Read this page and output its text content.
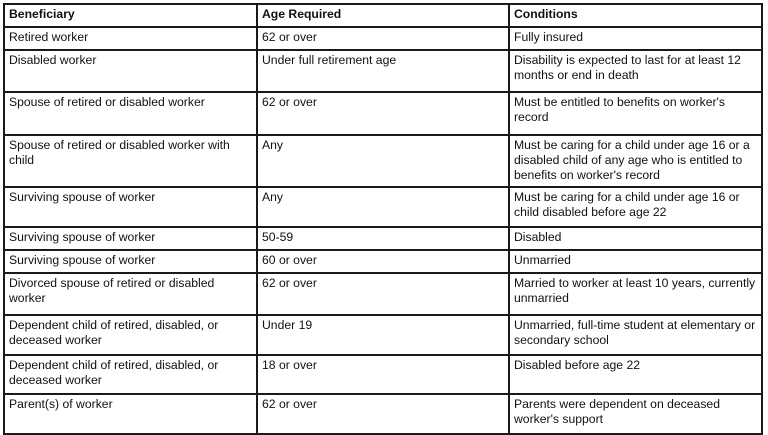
Beneficiary	Age Required	Conditions
Retired worker	62 or over	Fully insured
Disabled worker	Under full retirement age	Disability is expected to last for at least 12 months or end in death
Spouse of retired or disabled worker	62 or over	Must be entitled to benefits on worker's record
Spouse of retired or disabled worker with child	Any	Must be caring for a child under age 16 or a disabled child of any age who is entitled to benefits on worker's record
Surviving spouse of worker	Any	Must be caring for a child under age 16 or child disabled before age 22
Surviving spouse of worker	50-59	Disabled
Surviving spouse of worker	60 or over	Unmarried
Divorced spouse of retired or disabled worker	62 or over	Married to worker at least 10 years, currently unmarried
Dependent child of retired, disabled, or deceased worker	Under 19	Unmarried, full-time student at elementary or secondary school
Dependent child of retired, disabled, or deceased worker	18 or over	Disabled before age 22
Parent(s) of worker	62 or over	Parents were dependent on deceased worker's support
